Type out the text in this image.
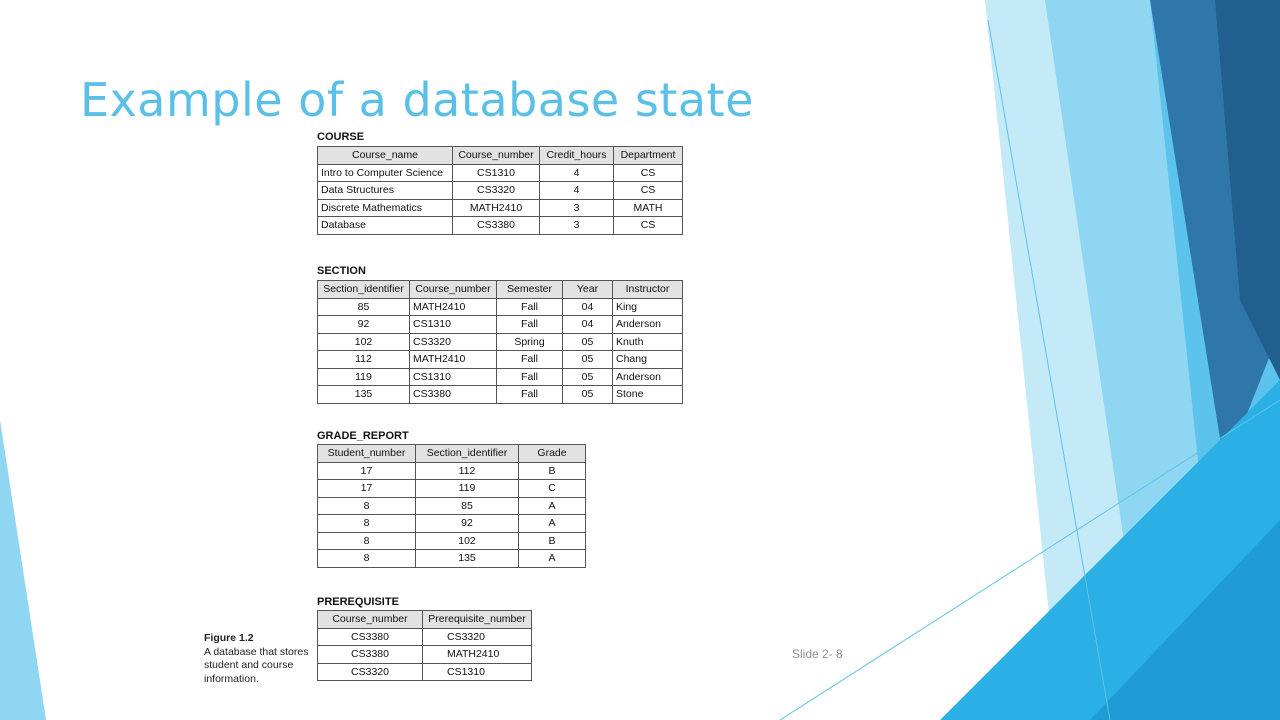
Example of a database state

COURSE

Course_name	Course_number	Credit_hours	Department
Intro to Computer Science	CS1310	4	CS
Data Structures	CS3320	4	CS
Discrete Mathematics	MATH2410	3	MATH
Database	CS3380	3	CS

SECTION

Section_identifier	Course_number	Semester	Year	Instructor
85	MATH2410	Fall	04	King
92	CS1310	Fall	04	Anderson
102	CS3320	Spring	05	Knuth
112	MATH2410	Fall	05	Chang
119	CS1310	Fall	05	Anderson
135	CS3380	Fall	05	Stone

GRADE_REPORT

Student_number	Section_identifier	Grade
17	112	B
17	119	C
8	85	A
8	92	A
8	102	B
8	135	A

PREREQUISITE

Course_number	Prerequisite_number
CS3380	CS3320
CS3380	MATH2410
CS3320	CS1310
Figure 1.2
A database that stores student and course information.
Slide 2- 8
